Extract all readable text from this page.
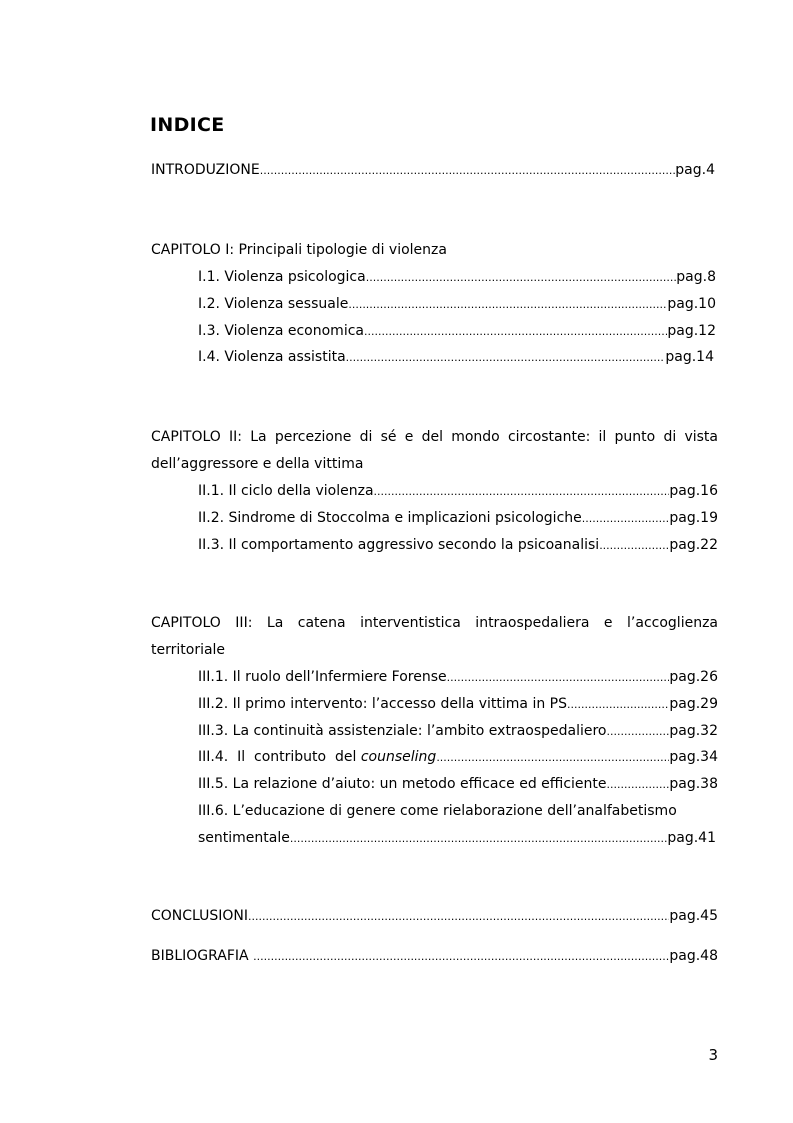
INDICE
INTRODUZIONE .....	pag.4
CAPITOLO I: Principali tipologie di violenza
I.1. Violenza psicologica .....	pag.8
I.2. Violenza sessuale .....	pag.10
I.3. Violenza economica .....	pag.12
I.4. Violenza assistita .....	pag.14
CAPITOLO II: La percezione di sé e del mondo circostante: il punto di vista dell’aggressore e della vittima
II.1. Il ciclo della violenza .....	pag.16
II.2. Sindrome di Stoccolma e implicazioni psicologiche .....	pag.19
II.3. Il comportamento aggressivo secondo la psicoanalisi .....	pag.22
CAPITOLO III: La catena interventistica intraospedaliera e l’accoglienza territoriale
III.1. Il ruolo dell’Infermiere Forense .....	pag.26
III.2. Il primo intervento: l’accesso della vittima in PS .....	pag.29
III.3. La continuità assistenziale: l’ambito extraospedaliero .....	pag.32
III.4.  Il  contributo  del counseling .....	pag.34
III.5. La relazione d’aiuto: un metodo efficace ed efficiente .....	pag.38
III.6. L’educazione di genere come rielaborazione dell’analfabetismo
sentimentale .....	pag.41
CONCLUSIONI .....	pag.45
BIBLIOGRAFIA .....	pag.48
3
